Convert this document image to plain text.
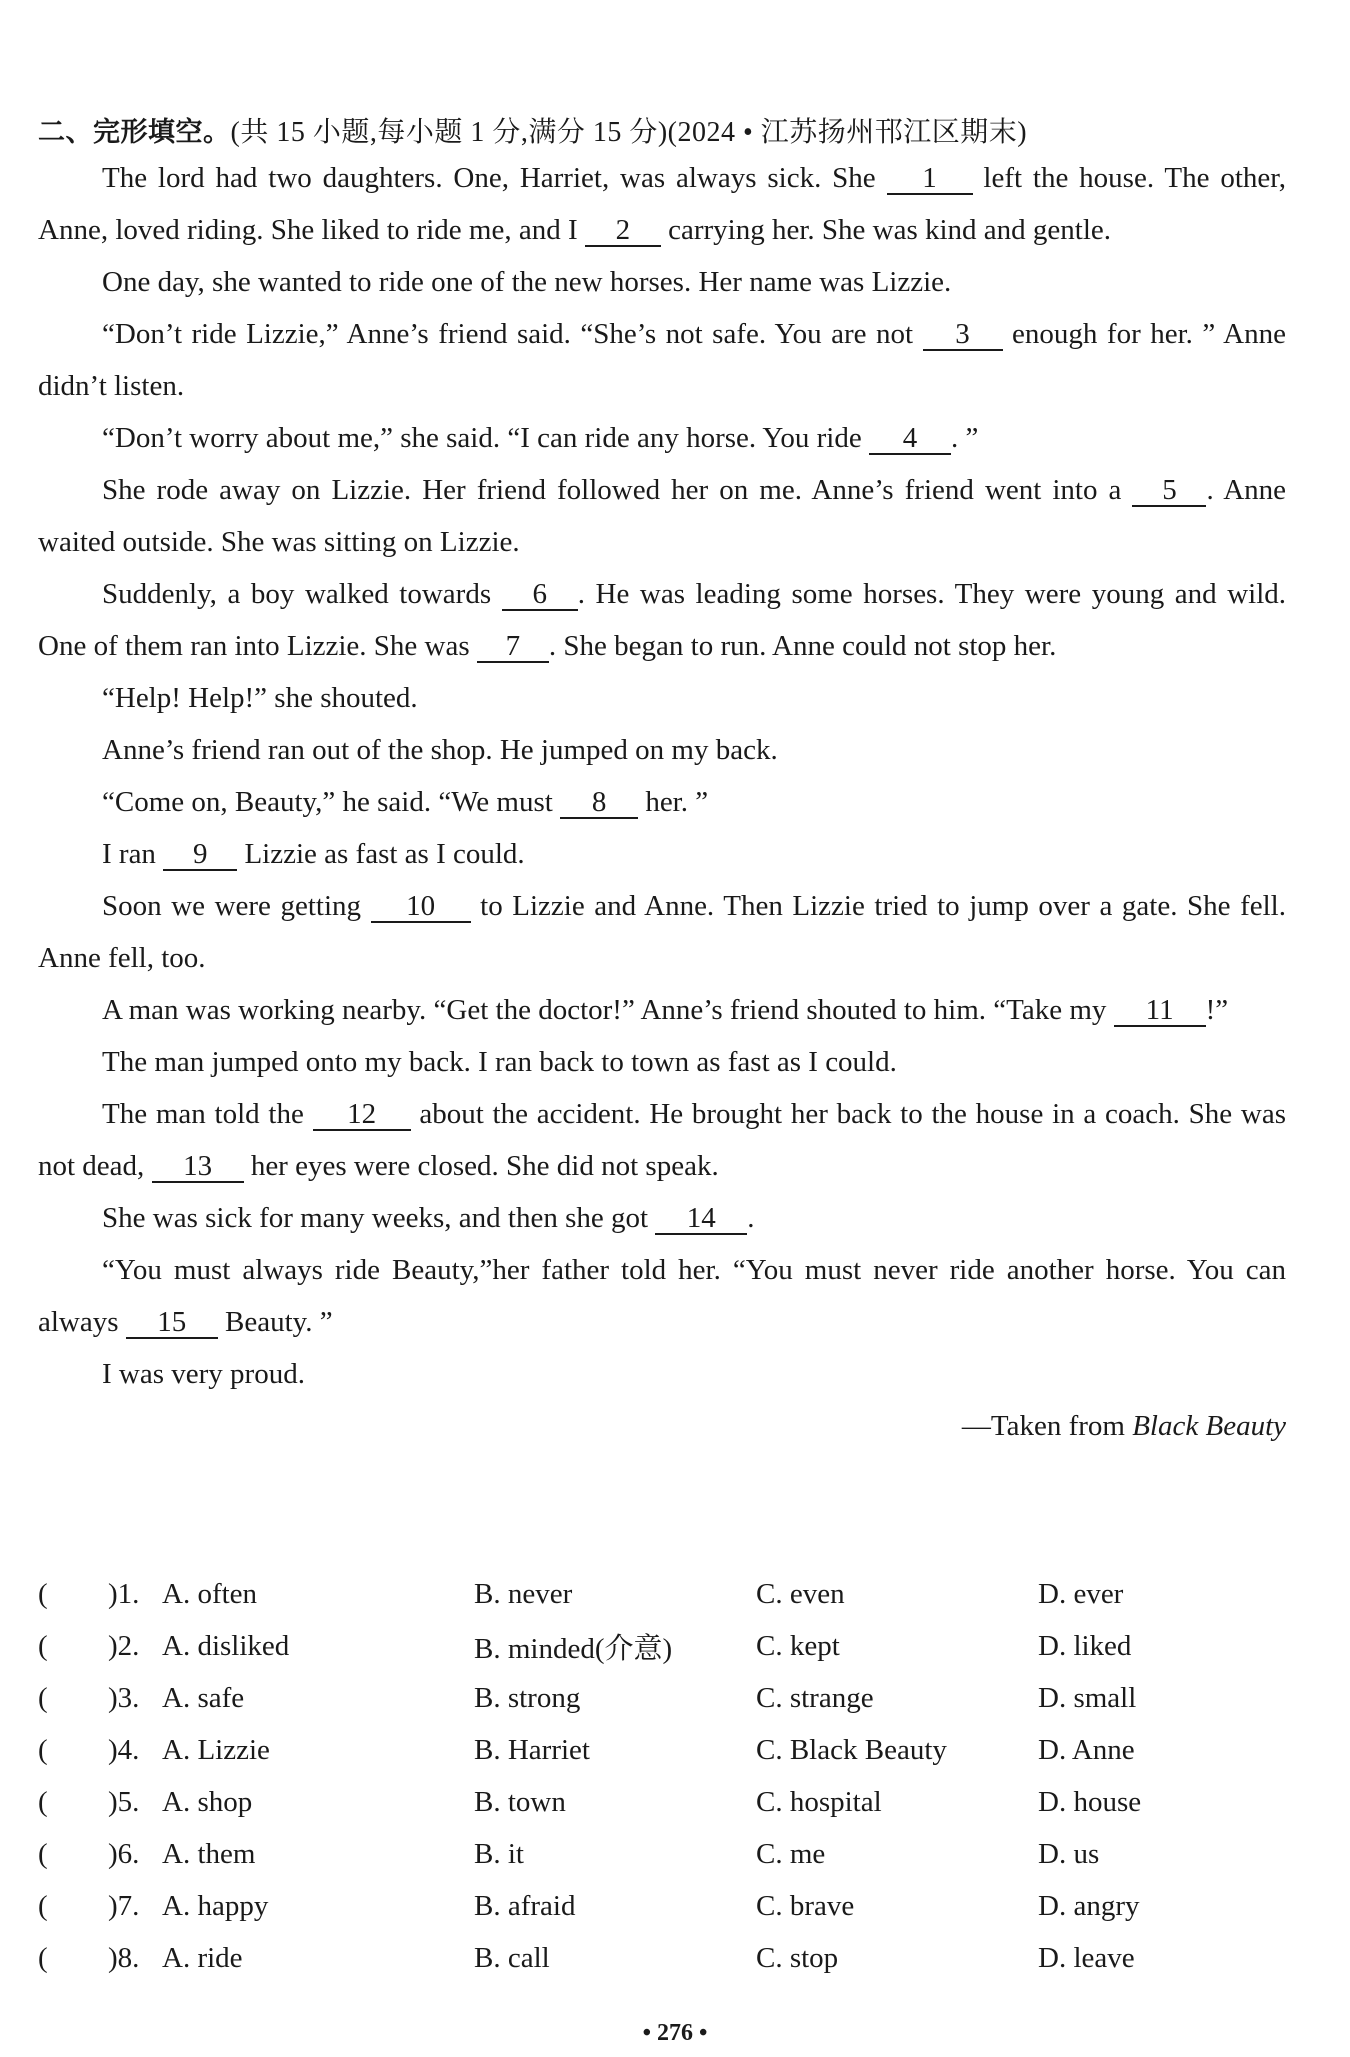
二、完形填空。(共 15 小题,每小题 1 分,满分 15 分)(2024 • 江苏扬州邗江区期末)

The lord had two daughters. One, Harriet, was always sick. She 1 left the house. The other, Anne, loved riding. She liked to ride me, and I 2 carrying her. She was kind and gentle.

One day, she wanted to ride one of the new horses. Her name was Lizzie.

“Don’t ride Lizzie,” Anne’s friend said. “She’s not safe. You are not 3 enough for her. ” Anne didn’t listen.

“Don’t worry about me,” she said. “I can ride any horse. You ride 4 . ”

She rode away on Lizzie. Her friend followed her on me. Anne’s friend went into a 5 . Anne waited outside. She was sitting on Lizzie.

Suddenly, a boy walked towards 6 . He was leading some horses. They were young and wild. One of them ran into Lizzie. She was 7 . She began to run. Anne could not stop her.

“Help! Help!” she shouted.

Anne’s friend ran out of the shop. He jumped on my back.

“Come on, Beauty,” he said. “We must 8 her. ”

I ran 9 Lizzie as fast as I could.

Soon we were getting 10 to Lizzie and Anne. Then Lizzie tried to jump over a gate. She fell. Anne fell, too.

A man was working nearby. “Get the doctor!” Anne’s friend shouted to him. “Take my 11 !”

The man jumped onto my back. I ran back to town as fast as I could.

The man told the 12 about the accident. He brought her back to the house in a coach. She was not dead, 13 her eyes were closed. She did not speak.

She was sick for many weeks, and then she got 14 .

“You must always ride Beauty,”her father told her. “You must never ride another horse. You can always 15 Beauty. ”

I was very proud.

—Taken from Black Beauty

(	)1. A. often	B. never	C. even	D. ever
(	)2. A. disliked	B. minded(介意)	C. kept	D. liked
(	)3. A. safe	B. strong	C. strange	D. small
(	)4. A. Lizzie	B. Harriet	C. Black Beauty	D. Anne
(	)5. A. shop	B. town	C. hospital	D. house
(	)6. A. them	B. it	C. me	D. us
(	)7. A. happy	B. afraid	C. brave	D. angry
(	)8. A. ride	B. call	C. stop	D. leave
• 276 •
